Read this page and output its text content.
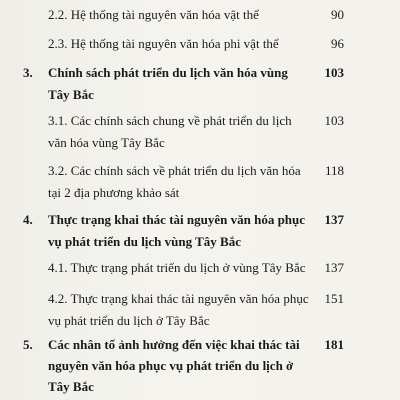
2.2. Hệ thống tài nguyên văn hóa vật thể	90
2.3. Hệ thống tài nguyên văn hóa phi vật thể	96
3. Chính sách phát triển du lịch văn hóa vùng
Tây Bắc
103
3.1. Các chính sách chung về phát triển du lịch
văn hóa vùng Tây Bắc
103
3.2. Các chính sách về phát triển du lịch văn hóa
tại 2 địa phương khảo sát
118
4. Thực trạng khai thác tài nguyên văn hóa phục
vụ phát triển du lịch vùng Tây Bắc
137
4.1. Thực trạng phát triển du lịch ở vùng Tây Bắc 137
4.2. Thực trạng khai thác tài nguyên văn hóa phục
vụ phát triển du lịch ở Tây Bắc
151
5. Các nhân tố ảnh hưởng đến việc khai thác tài
nguyên văn hóa phục vụ phát triển du lịch ở
Tây Bắc
181
